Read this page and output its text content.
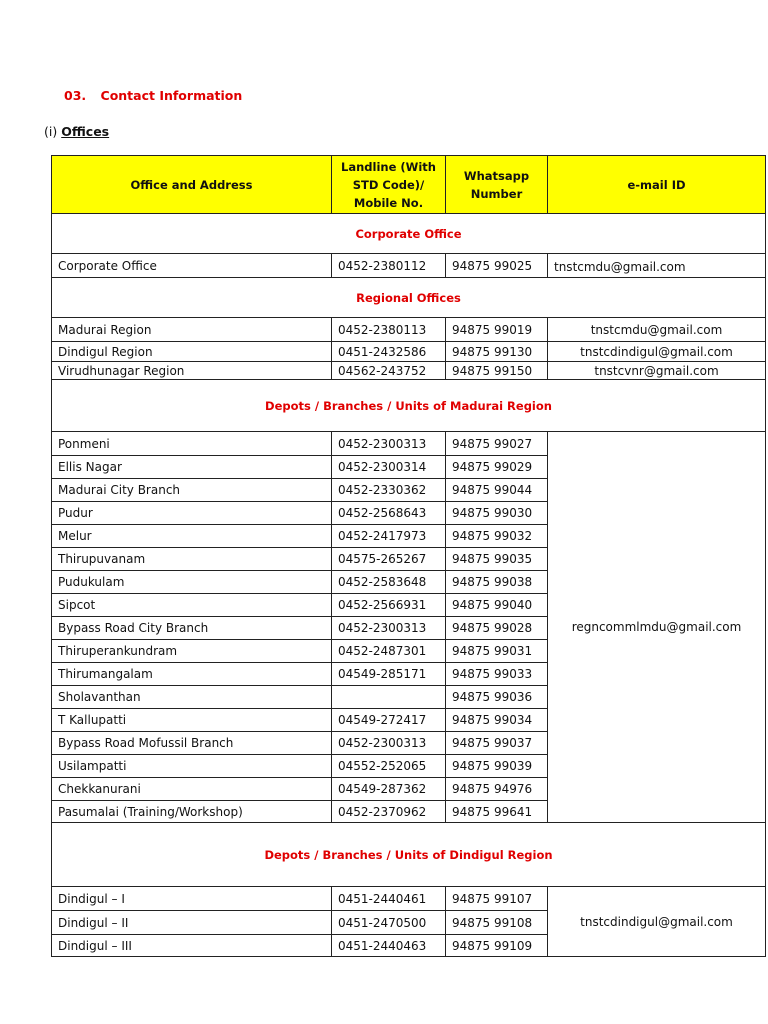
03. Contact Information
(i) Offices
Office and Address	Landline (With STD Code)/ Mobile No.	Whatsapp Number	e-mail ID
Corporate Office			
Corporate Office	0452-2380112	94875 99025	tnstcmdu@gmail.com
Regional Offices			
Madurai Region	0452-2380113	94875 99019	tnstcmdu@gmail.com
Dindigul Region	0451-2432586	94875 99130	tnstcdindigul@gmail.com
Virudhunagar Region	04562-243752	94875 99150	tnstcvnr@gmail.com
Depots / Branches / Units of Madurai Region			
Ponmeni	0452-2300313	94875 99027	regncommlmdu@gmail.com
Ellis Nagar	0452-2300314	94875 99029	
Madurai City Branch	0452-2330362	94875 99044	
Pudur	0452-2568643	94875 99030	
Melur	0452-2417973	94875 99032	
Thirupuvanam	04575-265267	94875 99035	
Pudukulam	0452-2583648	94875 99038	
Sipcot	0452-2566931	94875 99040	
Bypass Road City Branch	0452-2300313	94875 99028	
Thiruperankundram	0452-2487301	94875 99031	
Thirumangalam	04549-285171	94875 99033	
Sholavanthan		94875 99036	
T Kallupatti	04549-272417	94875 99034	
Bypass Road Mofussil Branch	0452-2300313	94875 99037	
Usilampatti	04552-252065	94875 99039	
Chekkanurani	04549-287362	94875 94976	
Pasumalai (Training/Workshop)	0452-2370962	94875 99641	
Depots / Branches / Units of Dindigul Region			
Dindigul – I	0451-2440461	94875 99107	tnstcdindigul@gmail.com
Dindigul – II	0451-2470500	94875 99108	
Dindigul – III	0451-2440463	94875 99109	
